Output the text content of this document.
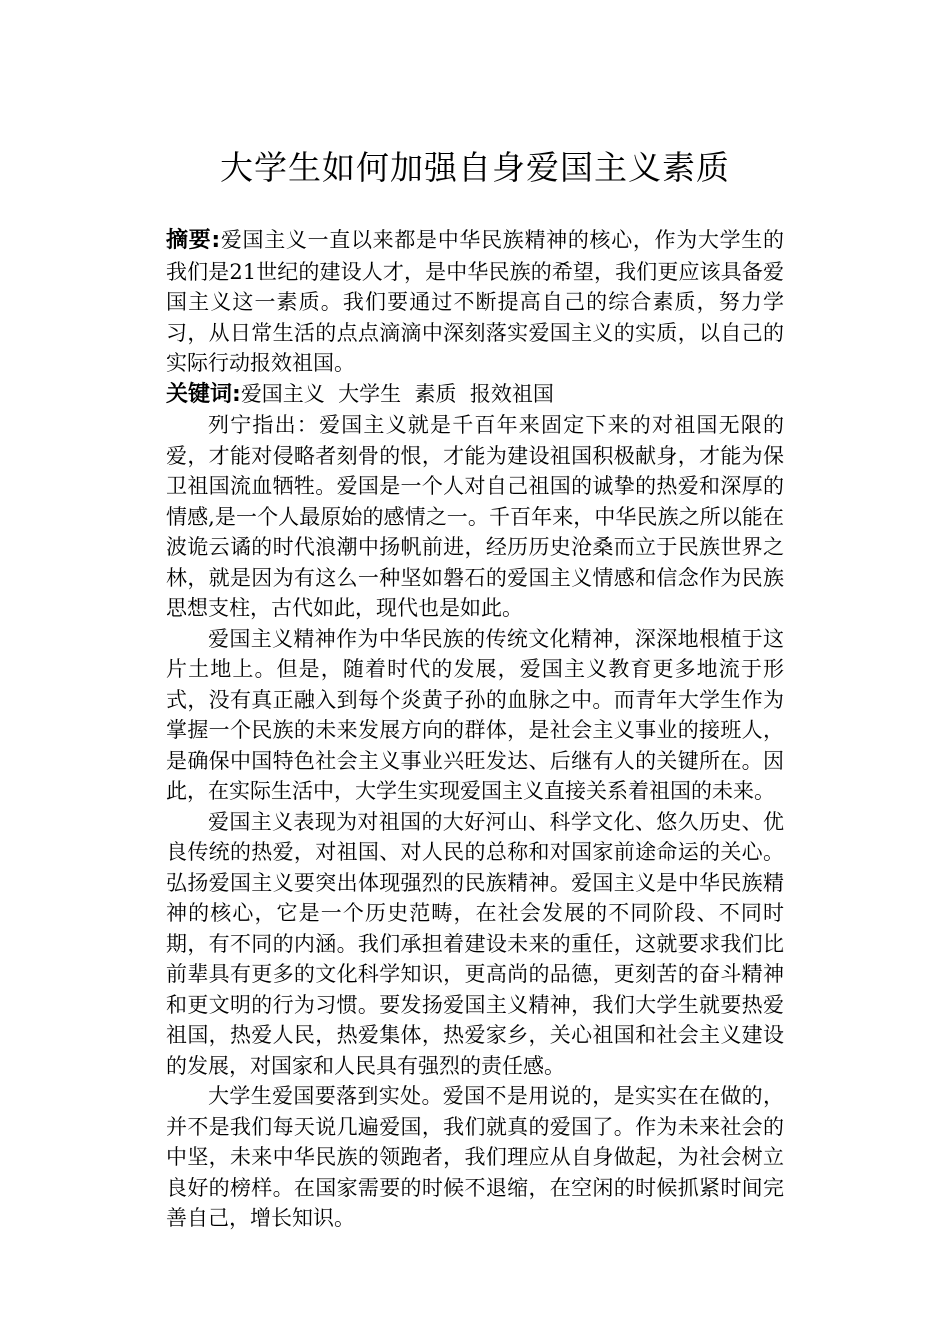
大学生如何加强自身爱国主义素质

摘要:爱国主义一直以来都是中华民族精神的核心，作为大学生的我们是21世纪的建设人才，是中华民族的希望，我们更应该具备爱国主义这一素质。我们要通过不断提高自己的综合素质，努力学习，从日常生活的点点滴滴中深刻落实爱国主义的实质，以自己的实际行动报效祖国。

关键词:爱国主义  大学生  素质  报效祖国

列宁指出：爱国主义就是千百年来固定下来的对祖国无限的爱，才能对侵略者刻骨的恨，才能为建设祖国积极献身，才能为保卫祖国流血牺牲。爱国是一个人对自己祖国的诚挚的热爱和深厚的情感,是一个人最原始的感情之一。千百年来，中华民族之所以能在波诡云谲的时代浪潮中扬帆前进，经历历史沧桑而立于民族世界之林，就是因为有这么一种坚如磐石的爱国主义情感和信念作为民族思想支柱，古代如此，现代也是如此。

爱国主义精神作为中华民族的传统文化精神，深深地根植于这片土地上。但是，随着时代的发展，爱国主义教育更多地流于形式，没有真正融入到每个炎黄子孙的血脉之中。而青年大学生作为掌握一个民族的未来发展方向的群体，是社会主义事业的接班人，是确保中国特色社会主义事业兴旺发达、后继有人的关键所在。因此，在实际生活中，大学生实现爱国主义直接关系着祖国的未来。

爱国主义表现为对祖国的大好河山、科学文化、悠久历史、优良传统的热爱，对祖国、对人民的总称和对国家前途命运的关心。弘扬爱国主义要突出体现强烈的民族精神。爱国主义是中华民族精神的核心，它是一个历史范畴，在社会发展的不同阶段、不同时期，有不同的内涵。我们承担着建设未来的重任，这就要求我们比前辈具有更多的文化科学知识，更高尚的品德，更刻苦的奋斗精神和更文明的行为习惯。要发扬爱国主义精神，我们大学生就要热爱祖国，热爱人民，热爱集体，热爱家乡，关心祖国和社会主义建设的发展，对国家和人民具有强烈的责任感。

大学生爱国要落到实处。爱国不是用说的，是实实在在做的，并不是我们每天说几遍爱国，我们就真的爱国了。作为未来社会的中坚，未来中华民族的领跑者，我们理应从自身做起，为社会树立良好的榜样。在国家需要的时候不退缩，在空闲的时候抓紧时间完善自己，增长知识。
